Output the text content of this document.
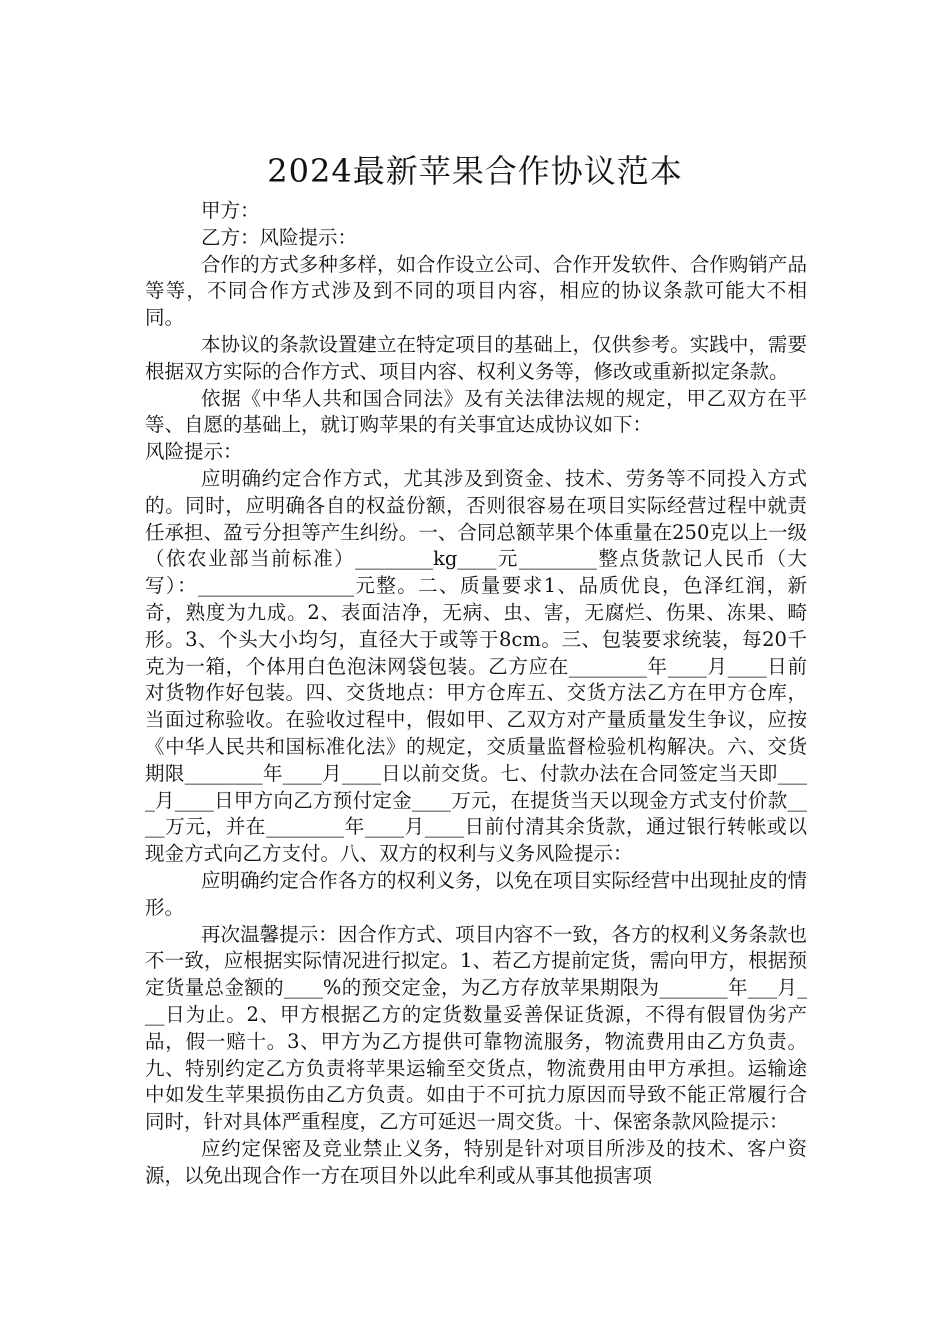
2024最新苹果合作协议范本

甲方：

乙方：风险提示：

合作的方式多种多样，如合作设立公司、合作开发软件、合作购销产品等等，不同合作方式涉及到不同的项目内容，相应的协议条款可能大不相同。

本协议的条款设置建立在特定项目的基础上，仅供参考。实践中，需要根据双方实际的合作方式、项目内容、权利义务等，修改或重新拟定条款。

依据《中华人共和国合同法》及有关法律法规的规定，甲乙双方在平等、自愿的基础上，就订购苹果的有关事宜达成协议如下：

风险提示：

应明确约定合作方式，尤其涉及到资金、技术、劳务等不同投入方式的。同时，应明确各自的权益份额，否则很容易在项目实际经营过程中就责任承担、盈亏分担等产生纠纷。一、合同总额苹果个体重量在250克以上一级（依农业部当前标准）________kg____元________整点货款记人民币（大写）：________________元整。二、质量要求1、品质优良，色泽红润，新奇，熟度为九成。2、表面洁净，无病、虫、害，无腐烂、伤果、冻果、畸形。3、个头大小均匀，直径大于或等于8cm。三、包装要求统装，每20千克为一箱，个体用白色泡沫网袋包装。乙方应在________年____月____日前对货物作好包装。四、交货地点：甲方仓库五、交货方法乙方在甲方仓库，当面过称验收。在验收过程中，假如甲、乙双方对产量质量发生争议，应按《中华人民共和国标准化法》的规定，交质量监督检验机构解决。六、交货期限________年____月____日以前交货。七、付款办法在合同签定当天即____月____日甲方向乙方预付定金____万元，在提货当天以现金方式支付价款____万元，并在________年____月____日前付清其余货款，通过银行转帐或以现金方式向乙方支付。八、双方的权利与义务风险提示：

应明确约定合作各方的权利义务，以免在项目实际经营中出现扯皮的情形。

再次温馨提示：因合作方式、项目内容不一致，各方的权利义务条款也不一致，应根据实际情况进行拟定。1、若乙方提前定货，需向甲方，根据预定货量总金额的____%的预交定金，为乙方存放苹果期限为_______年___月___日为止。2、甲方根据乙方的定货数量妥善保证货源，不得有假冒伪劣产品，假一赔十。3、甲方为乙方提供可靠物流服务，物流费用由乙方负责。九、特别约定乙方负责将苹果运输至交货点，物流费用由甲方承担。运输途中如发生苹果损伤由乙方负责。如由于不可抗力原因而导致不能正常履行合同时，针对具体严重程度，乙方可延迟一周交货。十、保密条款风险提示：

应约定保密及竞业禁止义务，特别是针对项目所涉及的技术、客户资源，以免出现合作一方在项目外以此牟利或从事其他损害项
